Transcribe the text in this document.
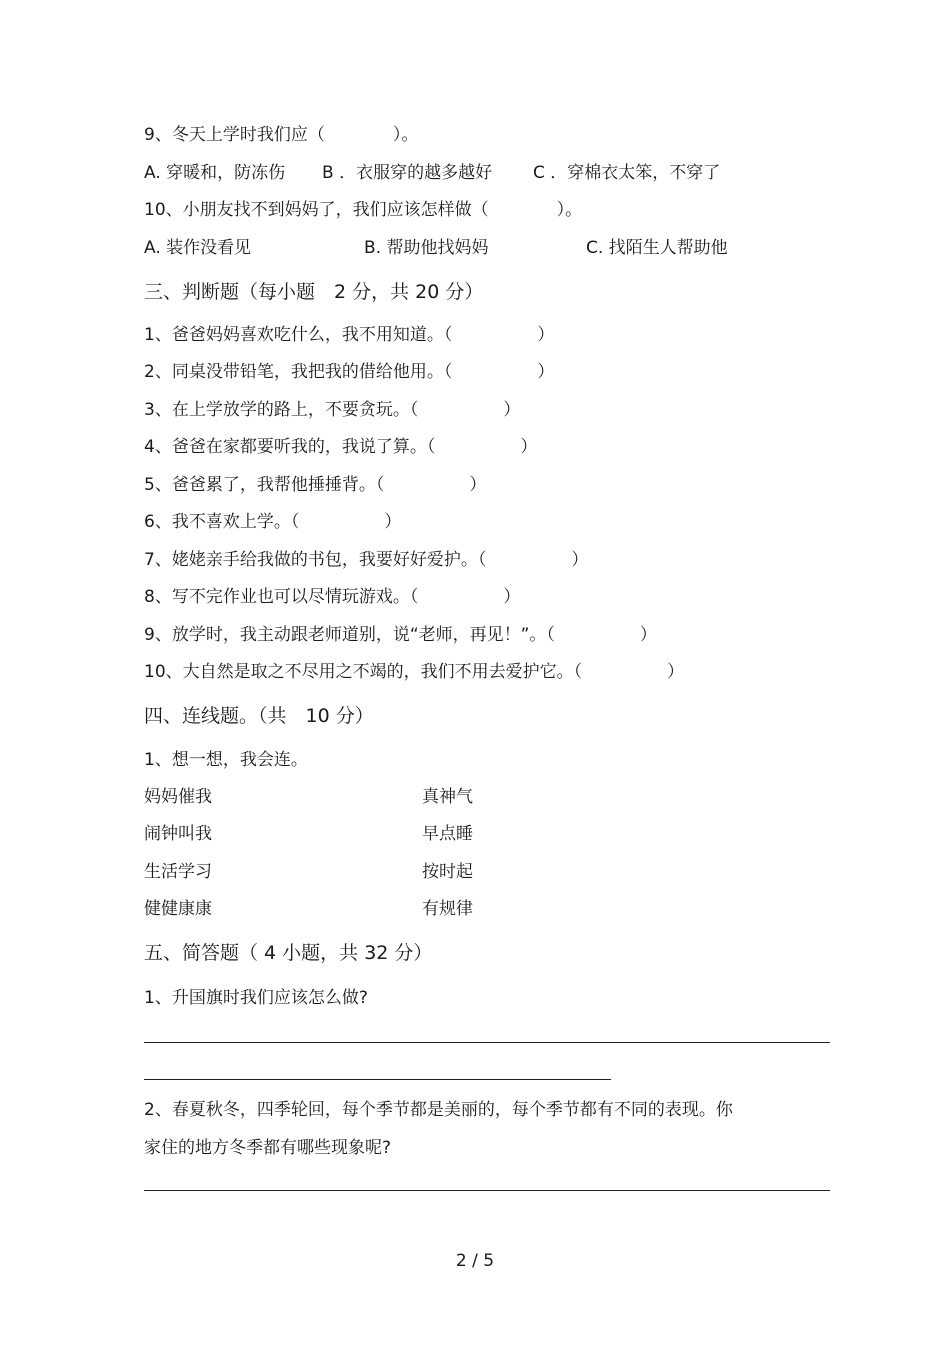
9、冬天上学时我们应（　　　　）。
A. 穿暖和，防冻伤 B ．衣服穿的越多越好 C ．穿棉衣太笨，不穿了
10、小朋友找不到妈妈了，我们应该怎样做（　　　　）。
A. 装作没看见	B. 帮助他找妈妈	C. 找陌生人帮助他
三、判断题（每小题　2 分，共 20 分）
1、爸爸妈妈喜欢吃什么，我不用知道。（　　　　　）
2、同桌没带铅笔，我把我的借给他用。（　　　　　）
3、在上学放学的路上，不要贪玩。（　　　　　）
4、爸爸在家都要听我的，我说了算。（　　　　　）
5、爸爸累了，我帮他捶捶背。（　　　　　）
6、我不喜欢上学。（　　　　　）
7、姥姥亲手给我做的书包，我要好好爱护。（　　　　　）
8、写不完作业也可以尽情玩游戏。（　　　　　）
9、放学时，我主动跟老师道别，说“老师，再见！”。（　　　　　）
10、大自然是取之不尽用之不竭的，我们不用去爱护它。（　　　　　）
四、连线题。（共　10 分）
1、想一想，我会连。
妈妈催我	真神气
闹钟叫我	早点睡
生活学习	按时起
健健康康	有规律
五、简答题（ 4 小题，共 32 分）
1、升国旗时我们应该怎么做?
2、春夏秋冬，四季轮回，每个季节都是美丽的，每个季节都有不同的表现。你
家住的地方冬季都有哪些现象呢?
2 / 5
